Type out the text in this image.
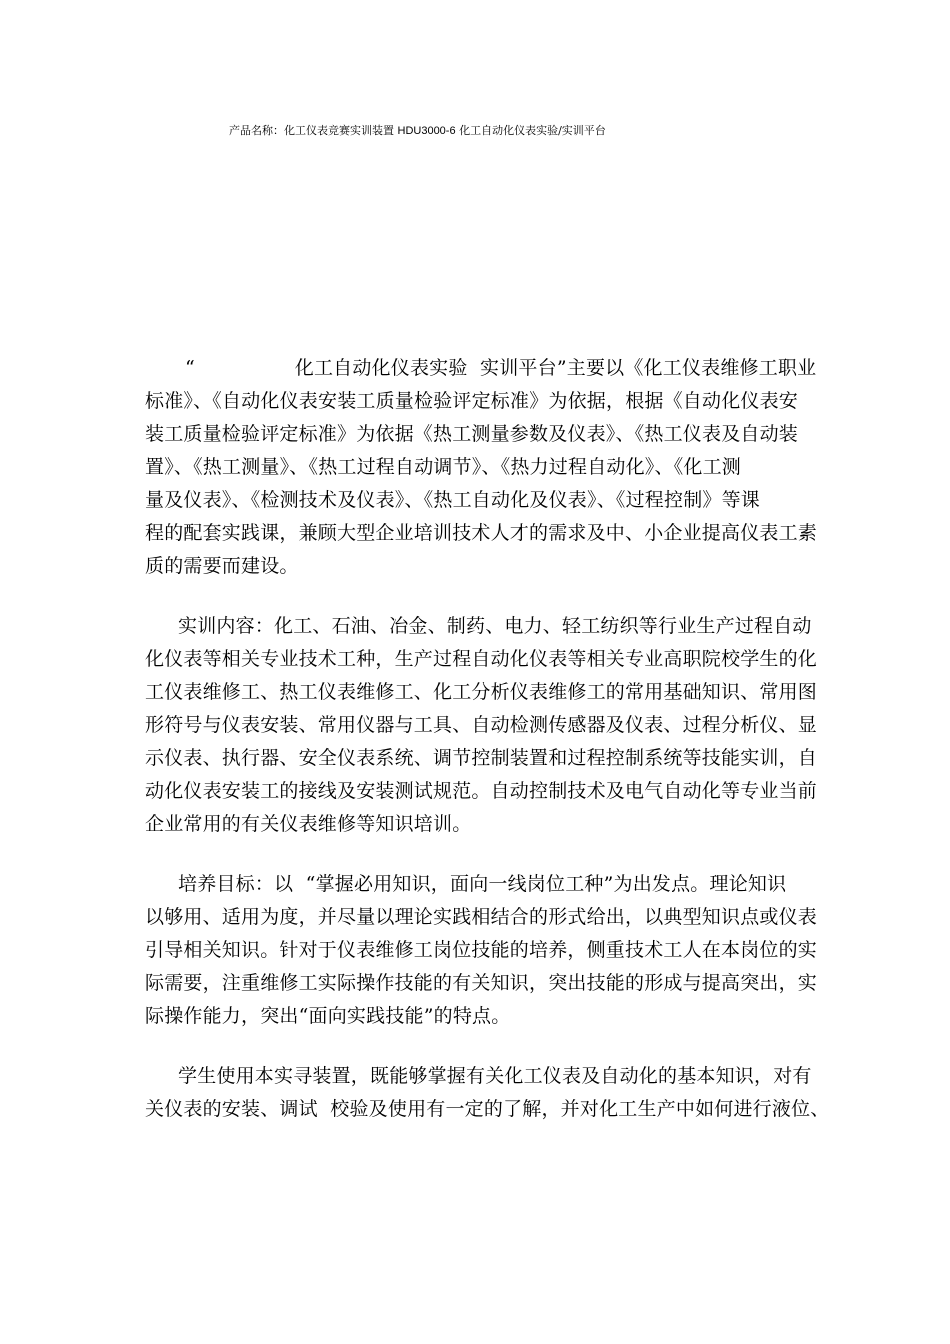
产品名称：化工仪表竞赛实训装置 HDU3000-6 化工自动化仪表实验/实训平台
“                化工自动化仪表实验  实训平台”主要以《化工仪表维修工职业
标准》、《自动化仪表安装工质量检验评定标准》为依据，根据《自动化仪表安
装工质量检验评定标准》为依据《热工测量参数及仪表》、《热工仪表及自动装
置》、《热工测量》、《热工过程自动调节》、《热力过程自动化》、《化工测
量及仪表》、《检测技术及仪表》、《热工自动化及仪表》、《过程控制》等课
程的配套实践课，兼顾大型企业培训技术人才的需求及中、小企业提高仪表工素
质的需要而建设。
实训内容：化工、石油、冶金、制药、电力、轻工纺织等行业生产过程自动
化仪表等相关专业技术工种，生产过程自动化仪表等相关专业高职院校学生的化
工仪表维修工、热工仪表维修工、化工分析仪表维修工的常用基础知识、常用图
形符号与仪表安装、常用仪器与工具、自动检测传感器及仪表、过程分析仪、显
示仪表、执行器、安全仪表系统、调节控制装置和过程控制系统等技能实训，自
动化仪表安装工的接线及安装测试规范。自动控制技术及电气自动化等专业当前
企业常用的有关仪表维修等知识培训。
培养目标：以  “掌握必用知识，面向一线岗位工种”为出发点。理论知识
以够用、适用为度，并尽量以理论实践相结合的形式给出，以典型知识点或仪表
引导相关知识。针对于仪表维修工岗位技能的培养，侧重技术工人在本岗位的实
际需要，注重维修工实际操作技能的有关知识，突出技能的形成与提高突出，实
际操作能力，突出“面向实践技能”的特点。
学生使用本实寻装置，既能够掌握有关化工仪表及自动化的基本知识，对有
关仪表的安装、调试  校验及使用有一定的了解，并对化工生产中如何进行液位、
